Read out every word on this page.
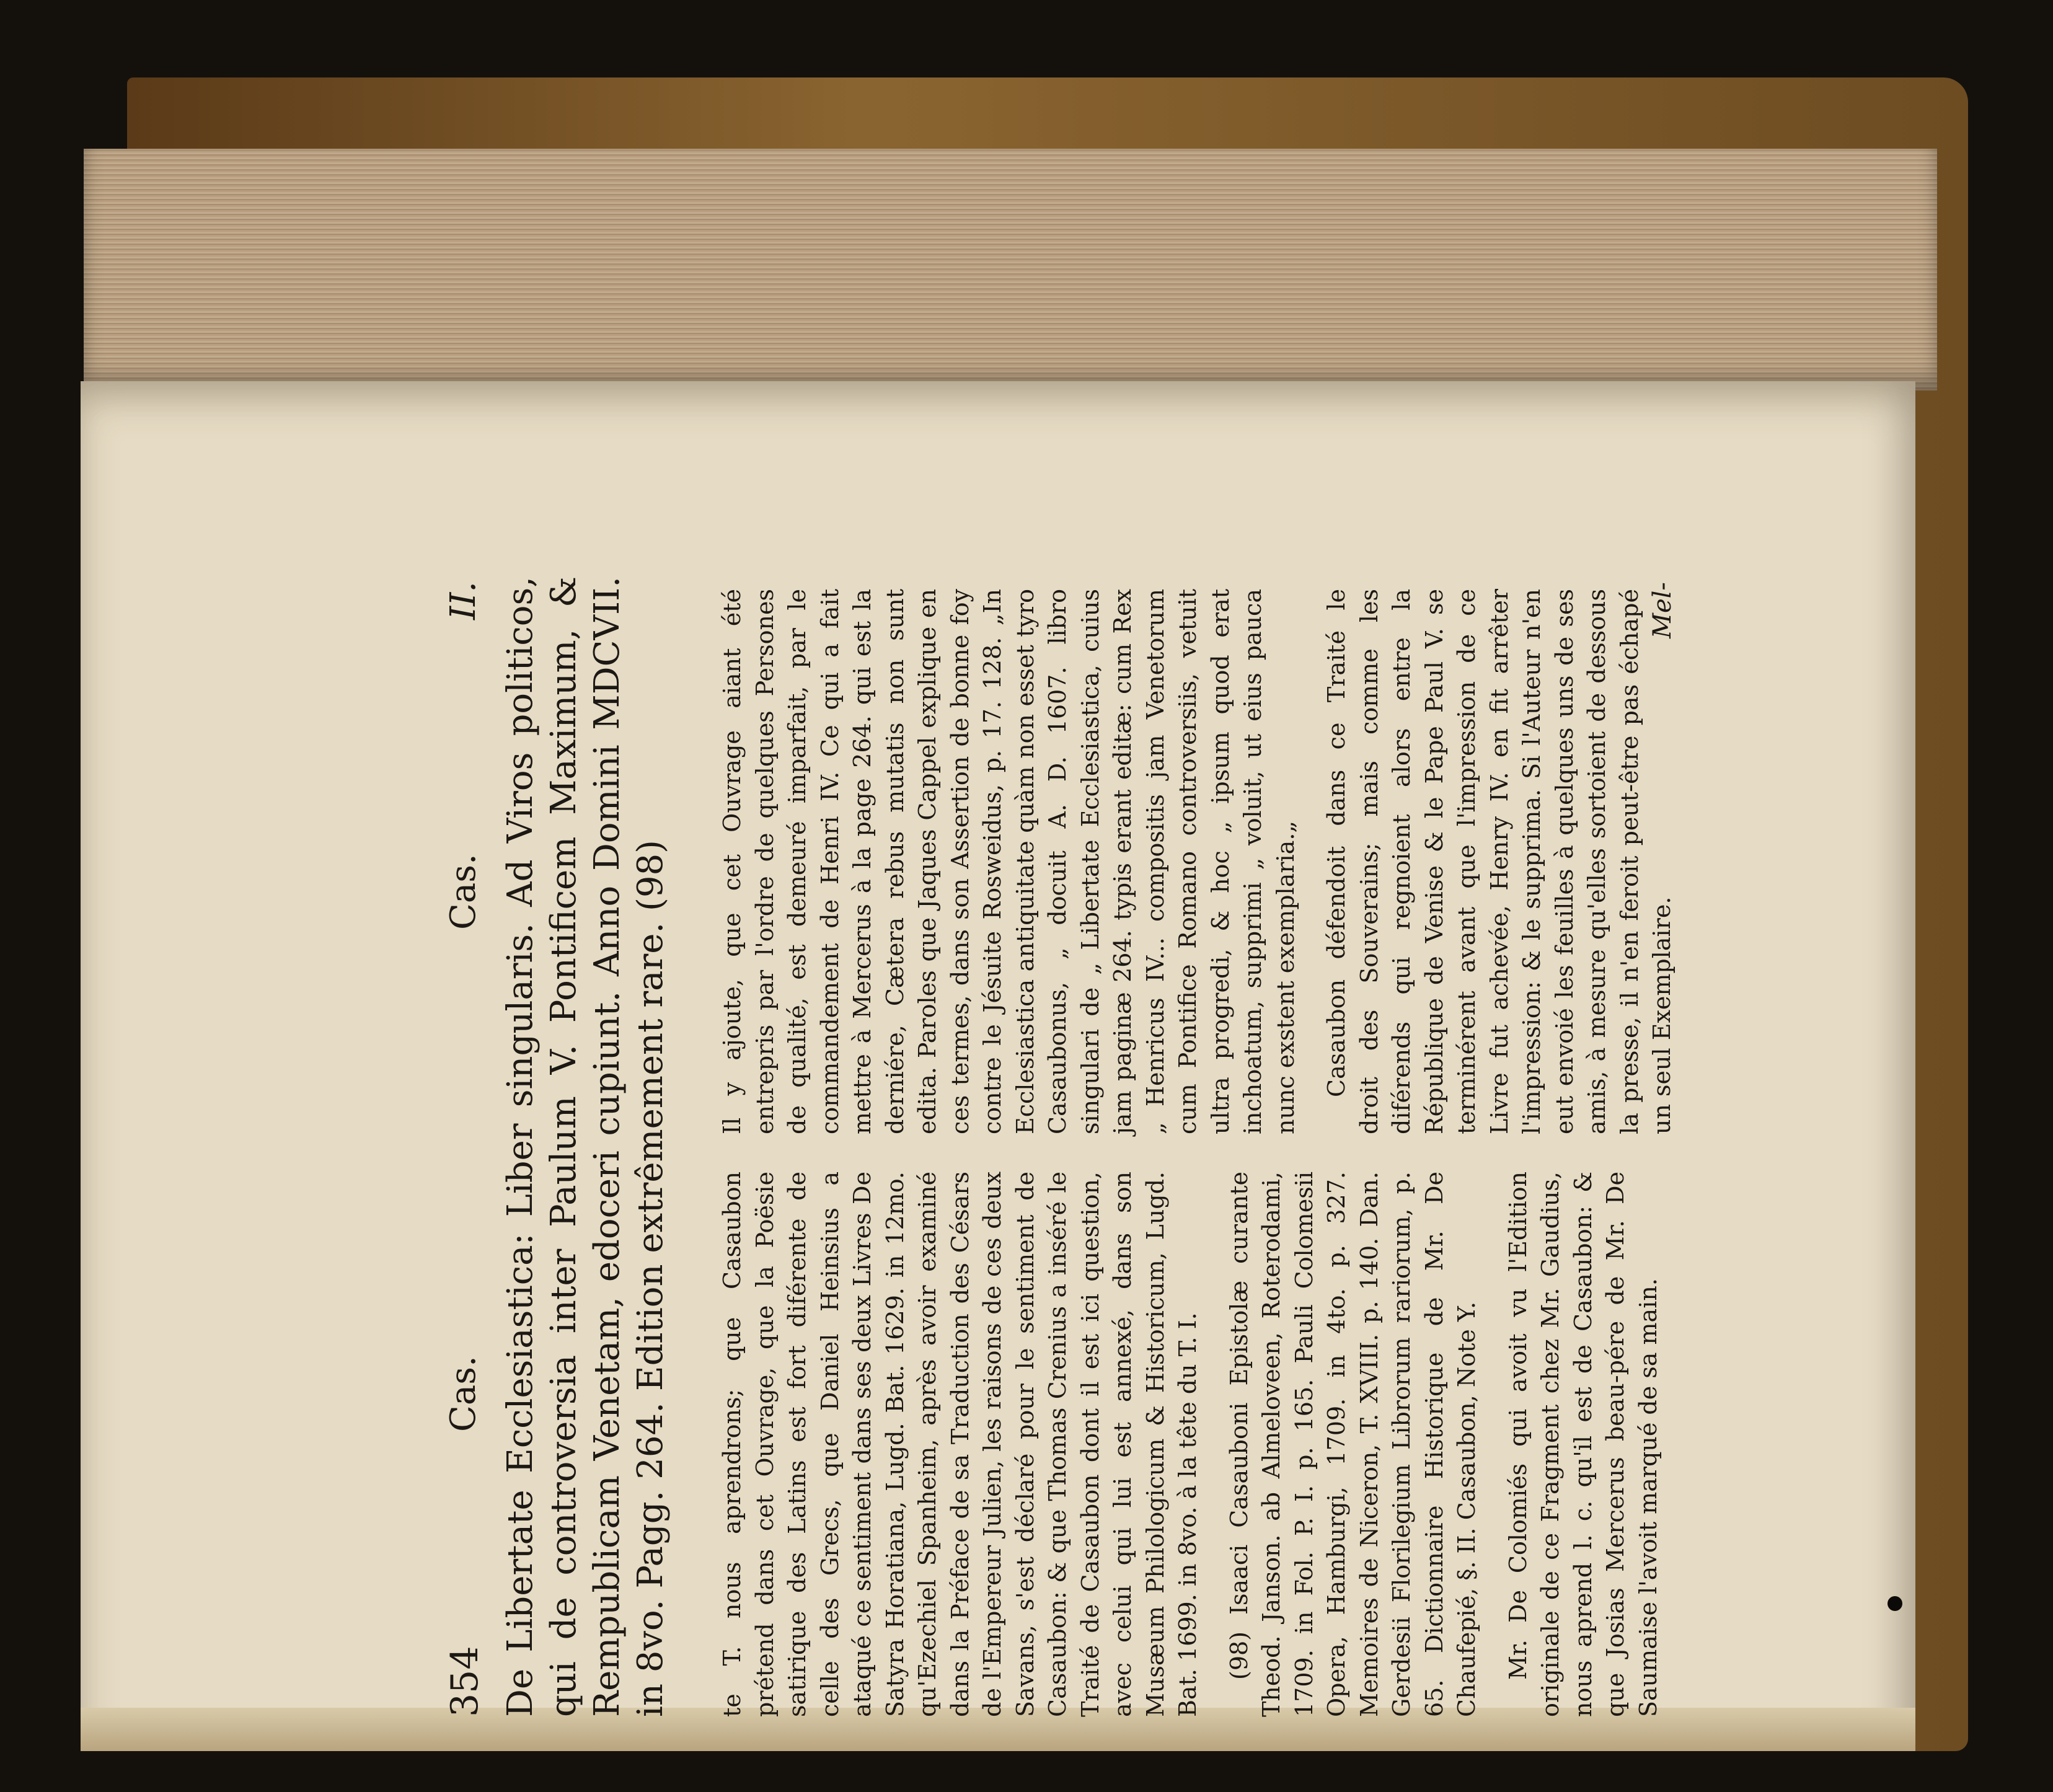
354
Cas.
Cas.
II. De Libertate Ecclesiastica: Liber singularis. Ad Viros politicos, qui de controversia inter Paulum V. Pontificem Maximum, & Rempublicam Venetam, edoceri cupiunt. Anno Domini MDCVII. in 8vo. Pagg. 264. Edition extrêmement rare. (98) te T. nous aprendrons; que Casaubon prétend dans cet Ouvrage, que la Poësie satirique des Latins est fort diférente de celle des Grecs, que Daniel Heinsius a ataqué ce sentiment dans ses deux Livres De Satyra Horatiana, Lugd. Bat. 1629. in 12mo. qu'Ezechiel Spanheim, après avoir examiné dans la Préface de sa Traduction des Césars de l'Empereur Julien, les raisons de ces deux Savans, s'est déclaré pour le sentiment de Casaubon: & que Thomas Crenius a inséré le Traité de Casaubon dont il est ici question, avec celui qui lui est annexé, dans son Musæum Philologicum & Historicum, Lugd. Bat. 1699. in 8vo. à la tête du T. I. (98) Isaaci Casauboni Epistolæ curante Theod. Janson. ab Almeloveen, Roterodami, 1709. in Fol. P. I. p. 165. Pauli Colomesii Opera, Hamburgi, 1709. in 4to. p. 327. Memoires de Niceron, T. XVIII. p. 140. Dan. Gerdesii Florilegium Librorum rariorum, p. 65. Dictionnaire Historique de Mr. De Chaufepié, §. II. Casaubon, Note Y. Mr. De Colomiés qui avoit vu l'Edition originale de ce Fragment chez Mr. Gaudius, nous aprend l. c. qu'il est de Casaubon: & que Josias Mercerus beau-pére de Mr. De Saumaise l'avoit marqué de sa main.

Il y ajoute, que cet Ouvrage aiant été entrepris par l'ordre de quelques Persones de qualité, est demeuré imparfait, par le commandement de Henri IV. Ce qui a fait mettre à Mercerus à la page 264. qui est la derniére, Cætera rebus mutatis non sunt edita. Paroles que Jaques Cappel explique en ces termes, dans son Assertion de bonne foy contre le Jésuite Rosweidus, p. 17. 128. „In Ecclesiastica antiquitate quàm non esset tyro Casaubonus, „ docuit A. D. 1607. libro singulari de „ Libertate Ecclesiastica, cuius jam paginæ 264. typis erant editæ: cum Rex „ Henricus IV... compositis jam Venetorum cum Pontifice Romano controversiis, vetuit ultra progredi, & hoc „ ipsum quod erat inchoatum, supprimi „ voluit, ut eius pauca nunc exstent exemplaria.„ Casaubon défendoit dans ce Traité le droit des Souverains; mais comme les diférends qui regnoient alors entre la République de Venise & le Pape Paul V. se terminérent avant que l'impression de ce Livre fut achevée, Henry IV. en fit arrêter l'impression: & le supprima. Si l'Auteur n'en eut envoié les feuilles à quelques uns de ses amis, à mesure qu'elles sortoient de dessous la presse, il n'en feroit peut-être pas échapé un seul Exemplaire.

Mel-
